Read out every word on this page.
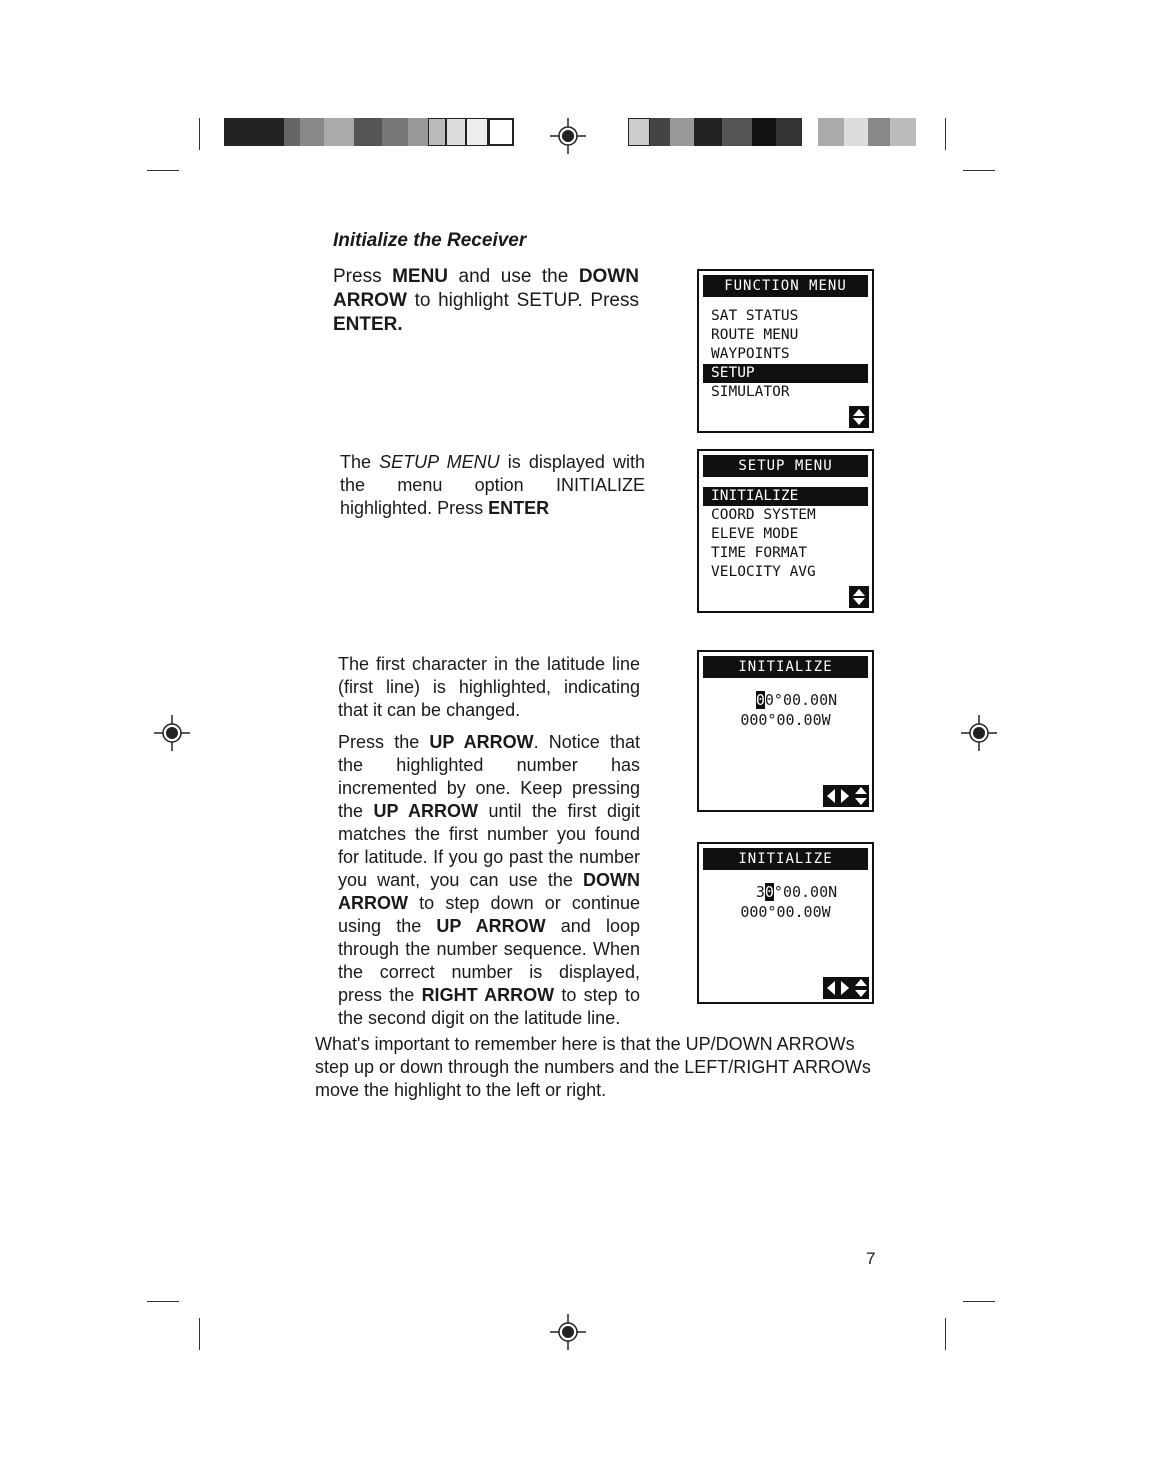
Initialize the Receiver

Press MENU and use the DOWN ARROW to highlight SETUP. Press ENTER.

The SETUP MENU is displayed with the menu option INITIALIZE highlighted. Press ENTER

The first character in the latitude line (first line) is highlighted, indicating that it can be changed.

Press the UP ARROW. Notice that the highlighted number has incremented by one. Keep pressing the UP ARROW until the first digit matches the first number you found for latitude. If you go past the number you want, you can use the DOWN ARROW to step down or continue using the UP ARROW and loop through the number sequence. When the correct number is displayed, press the RIGHT ARROW to step to the second digit on the latitude line.

What's important to remember here is that the UP/DOWN ARROWs step up or down through the numbers and the LEFT/RIGHT ARROWs move the highlight to the left or right.

7
FUNCTION MENU
SAT STATUS
ROUTE MENU
WAYPOINTS
SETUP
SIMULATOR
SETUP MENU
INITIALIZE
COORD SYSTEM
ELEVE MODE
TIME FORMAT
VELOCITY AVG
INITIALIZE
00°00.00N
000°00.00W
INITIALIZE
30°00.00N
000°00.00W
